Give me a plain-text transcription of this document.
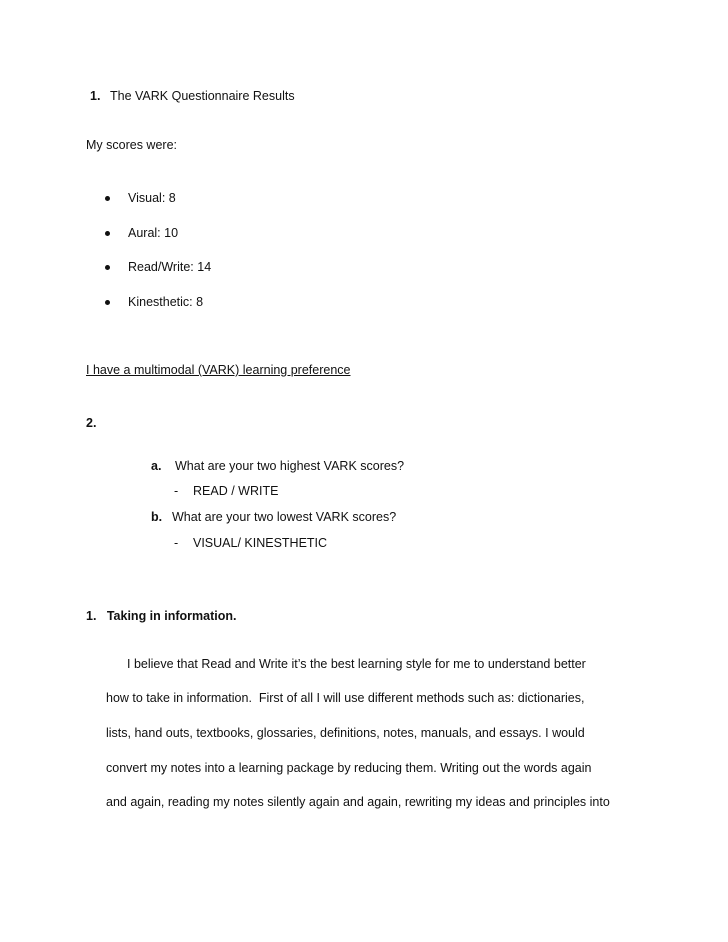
1. The VARK Questionnaire Results
My scores were:
Visual: 8
Aural: 10
Read/Write: 14
Kinesthetic: 8
I have a multimodal (VARK) learning preference
2.
a. What are your two highest VARK scores?
- READ / WRITE
b. What are your two lowest VARK scores?
- VISUAL/ KINESTHETIC
1.   Taking in information.
I believe that Read and Write it’s the best learning style for me to understand better
how to take in information.  First of all I will use different methods such as: dictionaries,
lists, hand outs, textbooks, glossaries, definitions, notes, manuals, and essays. I would
convert my notes into a learning package by reducing them. Writing out the words again
and again, reading my notes silently again and again, rewriting my ideas and principles into
